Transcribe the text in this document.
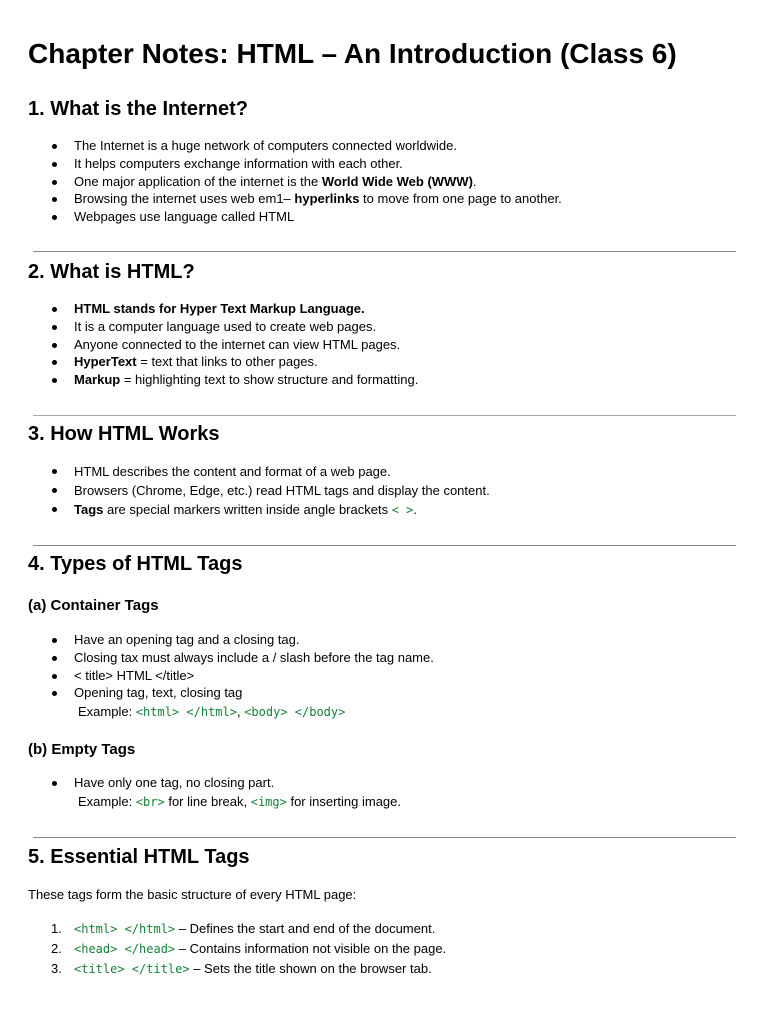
Chapter Notes: HTML – An Introduction (Class 6)
1. What is the Internet?
The Internet is a huge network of computers connected worldwide.
It helps computers exchange information with each other.
One major application of the internet is the World Wide Web (WWW).
Browsing the internet uses web em1– hyperlinks to move from one page to another.
Webpages use language called HTML
2. What is HTML?
HTML stands for Hyper Text Markup Language.
It is a computer language used to create web pages.
Anyone connected to the internet can view HTML pages.
HyperText = text that links to other pages.
Markup = highlighting text to show structure and formatting.
3. How HTML Works
HTML describes the content and format of a web page.
Browsers (Chrome, Edge, etc.) read HTML tags and display the content.
Tags are special markers written inside angle brackets < >.
4. Types of HTML Tags
(a) Container Tags
Have an opening tag and a closing tag.
Closing tax must always include a / slash before the tag name.
< title> HTML </title>
Opening tag, text, closing tag
Example: <html> </html>, <body> </body>
(b) Empty Tags
Have only one tag, no closing part.
Example: <br> for line break, <img> for inserting image.
5. Essential HTML Tags

These tags form the basic structure of every HTML page:

1. <html> </html> – Defines the start and end of the document.
2. <head> </head> – Contains information not visible on the page.
3. <title> </title> – Sets the title shown on the browser tab.
